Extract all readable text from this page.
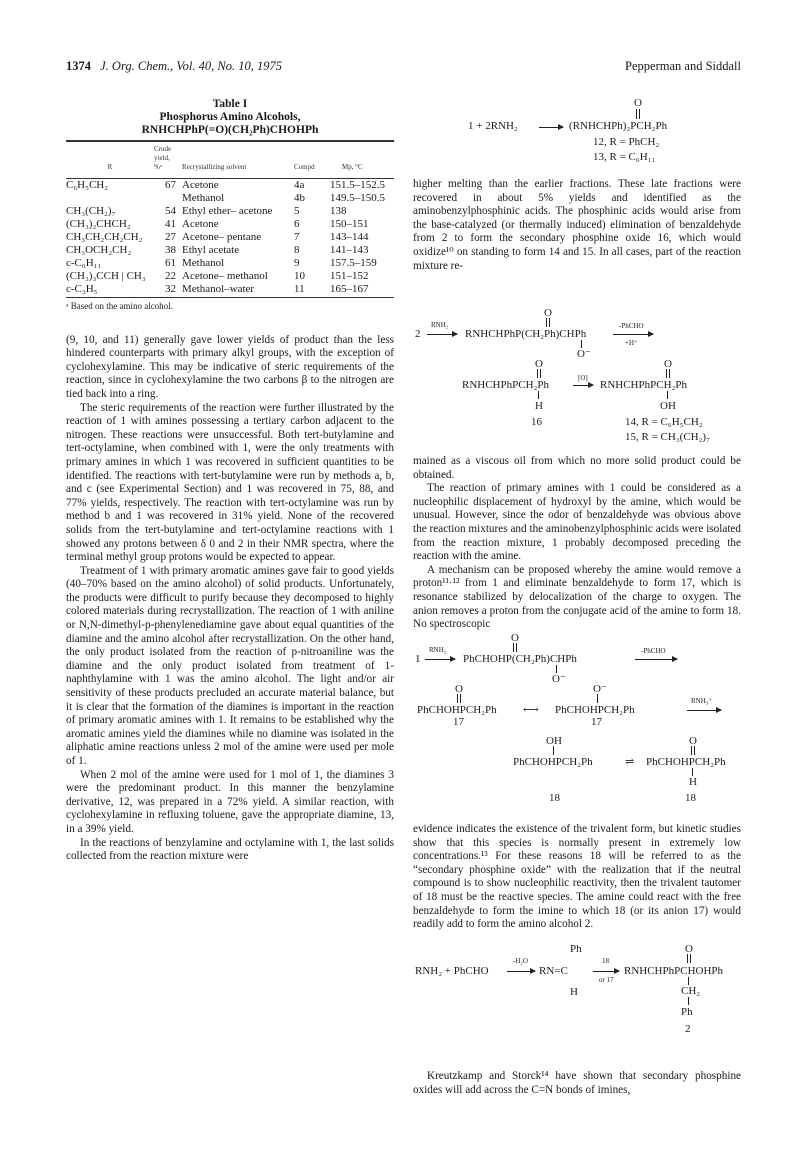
1374 J. Org. Chem., Vol. 40, No. 10, 1975	Pepperman and Siddall
Table I
Phosphorus Amino Alcohols,
RNHCHPhP(=O)(CH₂Ph)CHOHPh
R	Crude yield, %ᵃ	Recrystallizing solvent	Compd	Mp, °C
C₆H₅CH₂	67	Acetone	4a	151.5–152.5
		Methanol	4b	149.5–150.5
CH₃(CH₂)₇	54	Ethyl ether– acetone	5	138
(CH₃)₂CHCH₂	41	Acetone	6	150–151
CH₃CH₂CH₂CH₂	27	Acetone– pentane	7	143–144
CH₃OCH₂CH₂	38	Ethyl acetate	8	141–143
c-C₆H₁₁	61	Methanol	9	157.5–159
(CH₃)₃CCH | CH₃	22	Acetone– methanol	10	151–152
c-C₃H₅	32	Methanol–water	11	165–167
ᵃ Based on the amino alcohol.

(9, 10, and 11) generally gave lower yields of product than the less hindered counterparts with primary alkyl groups, with the exception of cyclohexylamine. This may be indicative of steric requirements of the reaction, since in cyclohexylamine the two carbons β to the nitrogen are tied back into a ring.

The steric requirements of the reaction were further illustrated by the reaction of 1 with amines possessing a tertiary carbon adjacent to the nitrogen. These reactions were unsuccessful. Both tert-butylamine and tert-octylamine, when combined with 1, were the only treatments with primary amines in which 1 was recovered in sufficient quantities to be identified. The reactions with tert-butylamine were run by methods a, b, and c (see Experimental Section) and 1 was recovered in 75, 88, and 77% yields, respectively. The reaction with tert-octylamine was run by method b and 1 was recovered in 31% yield. None of the recovered solids from the tert-butylamine and tert-octylamine reactions with 1 showed any protons between δ 0 and 2 in their NMR spectra, where the terminal methyl group protons would be expected to appear.

Treatment of 1 with primary aromatic amines gave fair to good yields (40–70% based on the amino alcohol) of solid products. Unfortunately, the products were difficult to purify because they decomposed to highly colored materials during recrystallization. The reaction of 1 with aniline or N,N-dimethyl-p-phenylenediamine gave about equal quantities of the diamine and the amino alcohol after recrystallization. On the other hand, the only product isolated from the reaction of p-nitroaniline was the diamine and the only product isolated from treatment of 1-naphthylamine with 1 was the amino alcohol. The light and/or air sensitivity of these products precluded an accurate material balance, but it is clear that the formation of the diamines is important in the reaction of primary aromatic amines with 1. It remains to be established why the aromatic amines yield the diamines while no diamine was isolated in the aliphatic amine reactions unless 2 mol of the amine were used per mole of 1.

When 2 mol of the amine were used for 1 mol of 1, the diamines 3 were the predominant product. In this manner the benzylamine derivative, 12, was prepared in a 72% yield. A similar reaction, with cyclohexylamine in refluxing toluene, gave the appropriate diamine, 13, in a 39% yield.

In the reactions of benzylamine and octylamine with 1, the last solids collected from the reaction mixture were

O

1 + 2RNH₂

	(RNHCHPh)₂PCH₂Ph

12, R = PhCH₂

13, R = C₆H₁₁

higher melting than the earlier fractions. These late fractions were recovered in about 5% yields and identified as the aminobenzylphosphinic acids. The phosphinic acids would arise from the base-catalyzed (or thermally induced) elimination of benzaldehyde from 2 to form the secondary phosphine oxide 16, which would oxidize¹⁰ on standing to form 14 and 15. In all cases, part of the reaction mixture re-

O

2

RNH₂

RNHCHPhP(CH₂Ph)CHPh

-PhCHO

+H⁺

O⁻

O

	O

[O]

RNHCHPhPCH₂Ph

	RNHCHPhPCH₂Ph

H

	OH

16

	14, R = C₆H₅CH₂

15, R = CH₃(CH₂)₇

mained as a viscous oil from which no more solid product could be obtained.

The reaction of primary amines with 1 could be considered as a nucleophilic displacement of hydroxyl by the amine, which would be unusual. However, since the odor of benzaldehyde was obvious above the reaction mixtures and the aminobenzylphosphinic acids were isolated from the reaction mixture, 1 probably decomposed preceding the reaction with the amine.

A mechanism can be proposed whereby the amine would remove a proton¹¹·¹² from 1 and eliminate benzaldehyde to form 17, which is resonance stabilized by delocalization of the charge to oxygen. The anion removes a proton from the conjugate acid of the amine to form 18. No spectroscopic

O

1

RNH₂

PhCHOHP(CH₂Ph)CHPh

-PhCHO

O⁻

O

	O⁻

PhCHOHPCH₂Ph

⟷

PhCHOHPCH₂Ph

RNH₃⁺

17

	17

OH

	O

PhCHOHPCH₂Ph

	⇌

PhCHOHPCH₂Ph

H

18

	18

evidence indicates the existence of the trivalent form, but kinetic studies show that this species is normally present in extremely low concentrations.¹³ For these reasons 18 will be referred to as the “secondary phosphine oxide” with the realization that if the neutral compound is to show nucleophilic reactivity, then the trivalent tautomer of 18 must be the reactive species. The amine could react with the free benzaldehyde to form the imine to which 18 (or its anion 17) would readily add to form the amino alcohol 2.

Ph

	O

-H₂O

	18

RNH₂ + PhCHO

	RN=C

or 17

RNHCHPhPCHOHPh

H

	CH₂

Ph

2

Kreutzkamp and Storck¹⁴ have shown that secondary phosphine oxides will add across the C=N bonds of imines,
